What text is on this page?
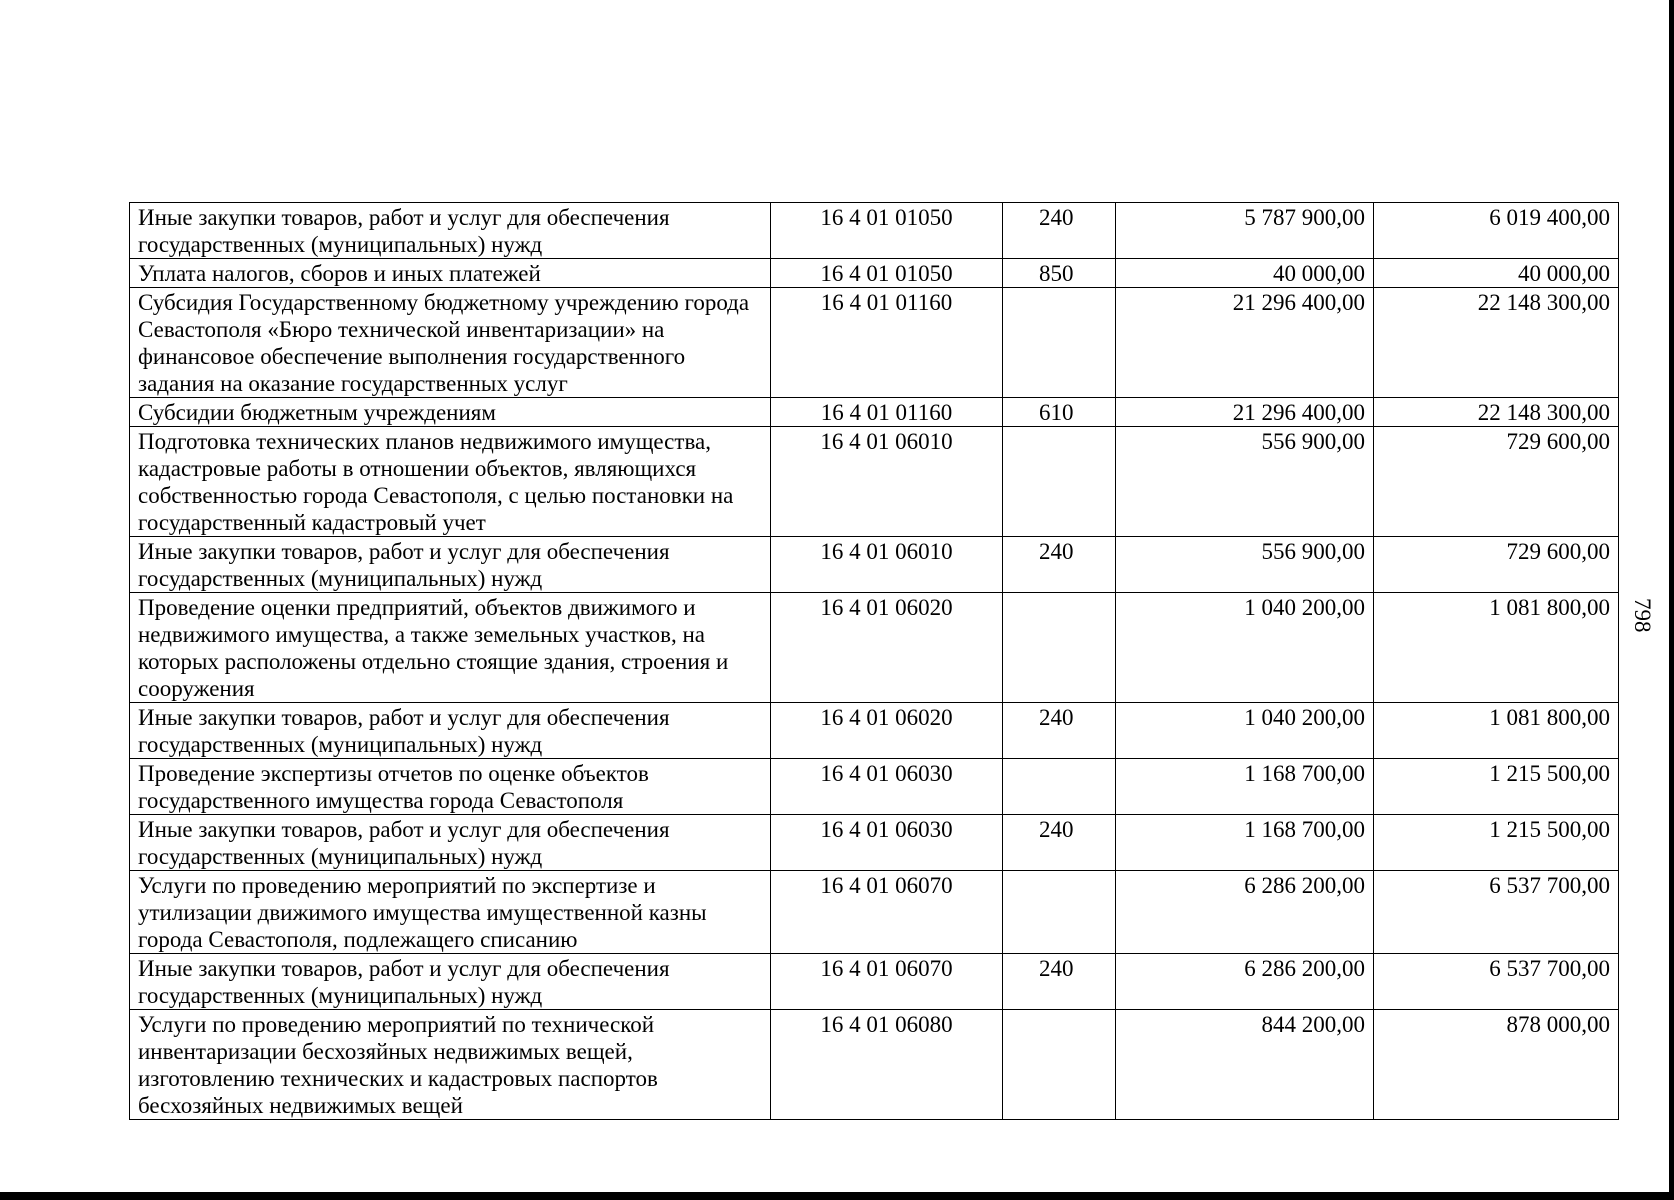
Иные закупки товаров, работ и услуг для обеспечения государственных (муниципальных) нужд	16 4 01 01050	240	5 787 900,00	6 019 400,00
Уплата налогов, сборов и иных платежей	16 4 01 01050	850	40 000,00	40 000,00
Субсидия Государственному бюджетному учреждению города Севастополя «Бюро технической инвентаризации» на финансовое обеспечение выполнения государственного задания на оказание государственных услуг	16 4 01 01160		21 296 400,00	22 148 300,00
Субсидии бюджетным учреждениям	16 4 01 01160	610	21 296 400,00	22 148 300,00
Подготовка технических планов недвижимого имущества, кадастровые работы в отношении объектов, являющихся собственностью города Севастополя, с целью постановки на государственный кадастровый учет	16 4 01 06010		556 900,00	729 600,00
Иные закупки товаров, работ и услуг для обеспечения государственных (муниципальных) нужд	16 4 01 06010	240	556 900,00	729 600,00
Проведение оценки предприятий, объектов движимого и недвижимого имущества, а также земельных участков, на которых расположены отдельно стоящие здания, строения и сооружения	16 4 01 06020		1 040 200,00	1 081 800,00
Иные закупки товаров, работ и услуг для обеспечения государственных (муниципальных) нужд	16 4 01 06020	240	1 040 200,00	1 081 800,00
Проведение экспертизы отчетов по оценке объектов государственного имущества города Севастополя	16 4 01 06030		1 168 700,00	1 215 500,00
Иные закупки товаров, работ и услуг для обеспечения государственных (муниципальных) нужд	16 4 01 06030	240	1 168 700,00	1 215 500,00
Услуги по проведению мероприятий по экспертизе и утилизации движимого имущества имущественной казны города Севастополя, подлежащего списанию	16 4 01 06070		6 286 200,00	6 537 700,00
Иные закупки товаров, работ и услуг для обеспечения государственных (муниципальных) нужд	16 4 01 06070	240	6 286 200,00	6 537 700,00
Услуги по проведению мероприятий по технической инвентаризации бесхозяйных недвижимых вещей, изготовлению технических и кадастровых паспортов бесхозяйных недвижимых вещей	16 4 01 06080		844 200,00	878 000,00
798
